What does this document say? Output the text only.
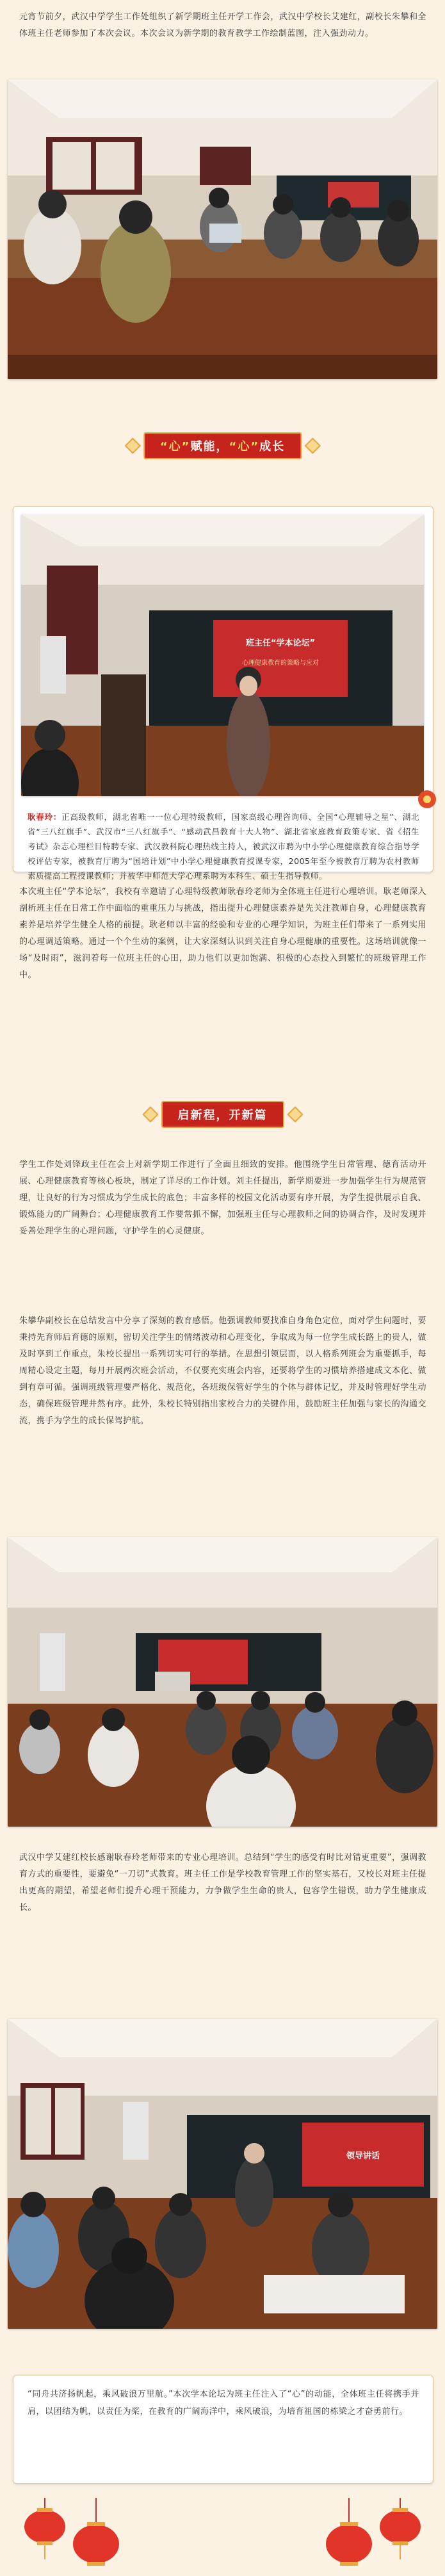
元宵节前夕，武汉中学学生工作处组织了新学期班主任开学工作会，武汉中学校长艾建红，副校长朱攀和全体班主任老师参加了本次会议。本次会议为新学期的教育教学工作绘制蓝图，注入强劲动力。

“心”赋能，“心”成长
班主任“学本论坛”
心理健康教育的策略与应对

耿春玲：正高级教师，湖北省唯一一位心理特级教师，国家高级心理咨询师、全国“心理辅导之星”、湖北省“三八红旗手”、武汉市“三八红旗手”、“感动武昌教育十大人物”、湖北省家庭教育政策专家、省《招生考试》杂志心理栏目特聘专家、武汉教科院心理热线主持人，被武汉市聘为中小学心理健康教育综合指导学校评估专家，被教育厅聘为“国培计划”中小学心理健康教育授课专家，2005年至今被教育厅聘为农村教师素质提高工程授课教师；并被华中师范大学心理系聘为本科生、硕士生指导教师。

本次班主任“学本论坛”，我校有幸邀请了心理特级教师耿春玲老师为全体班主任进行心理培训。耿老师深入剖析班主任在日常工作中面临的重重压力与挑战，指出提升心理健康素养是先关注教师自身，心理健康教育素养是培养学生健全人格的前提。耿老师以丰富的经验和专业的心理学知识，为班主任们带来了一系列实用的心理调适策略。通过一个个生动的案例，让大家深刻认识到关注自身心理健康的重要性。这场培训就像一场“及时雨”，滋润着每一位班主任的心田，助力他们以更加饱满、积极的心态投入到繁忙的班级管理工作中。

启新程，开新篇

学生工作处刘锋政主任在会上对新学期工作进行了全面且细致的安排。他围绕学生日常管理、德育活动开展、心理健康教育等核心板块，制定了详尽的工作计划。刘主任提出，新学期要进一步加强学生行为规范管理，让良好的行为习惯成为学生成长的底色；丰富多样的校园文化活动要有序开展，为学生提供展示自我、锻炼能力的广阔舞台；心理健康教育工作要常抓不懈，加强班主任与心理教师之间的协调合作，及时发现并妥善处理学生的心理问题，守护学生的心灵健康。

朱攀华副校长在总结发言中分享了深刻的教育感悟。他强调教师要找准自身角色定位，面对学生问题时，要秉持先育师后育德的原则，密切关注学生的情绪波动和心理变化，争取成为每一位学生成长路上的贵人，做及时享到工作重点，朱校长提出一系列切实可行的举措。在思想引领层面，以人格系列班会为重要抓手，每周精心设定主题，每月开展两次班会活动，不仅要充实班会内容，还要将学生的习惯培养搭建成文本化、做到有章可循。强调班级管理要严格化、规范化，各班级保管好学生的个体与群体记忆，并及时管理好学生动态，确保班级管理井然有序。此外，朱校长特别指出家校合力的关键作用，鼓励班主任加强与家长的沟通交流，携手为学生的成长保驾护航。

武汉中学艾建红校长感谢耿春玲老师带来的专业心理培训。总结到“学生的感受有时比对错更重要”，强调教育方式的重要性，要避免“一刀切”式教育。班主任工作是学校教育管理工作的坚实基石，又校长对班主任提出更高的期望，希望老师们提升心理干预能力，力争做学生生命的贵人，包容学生错误，助力学生健康成长。

领导讲话

“同舟共济扬帆起，乘风破浪万里航。”本次学本论坛为班主任注入了“心”的动能，全体班主任将携手并肩，以团结为帆，以责任为桨，在教育的广阔海洋中，乘风破浪，为培育祖国的栋梁之才奋勇前行。
